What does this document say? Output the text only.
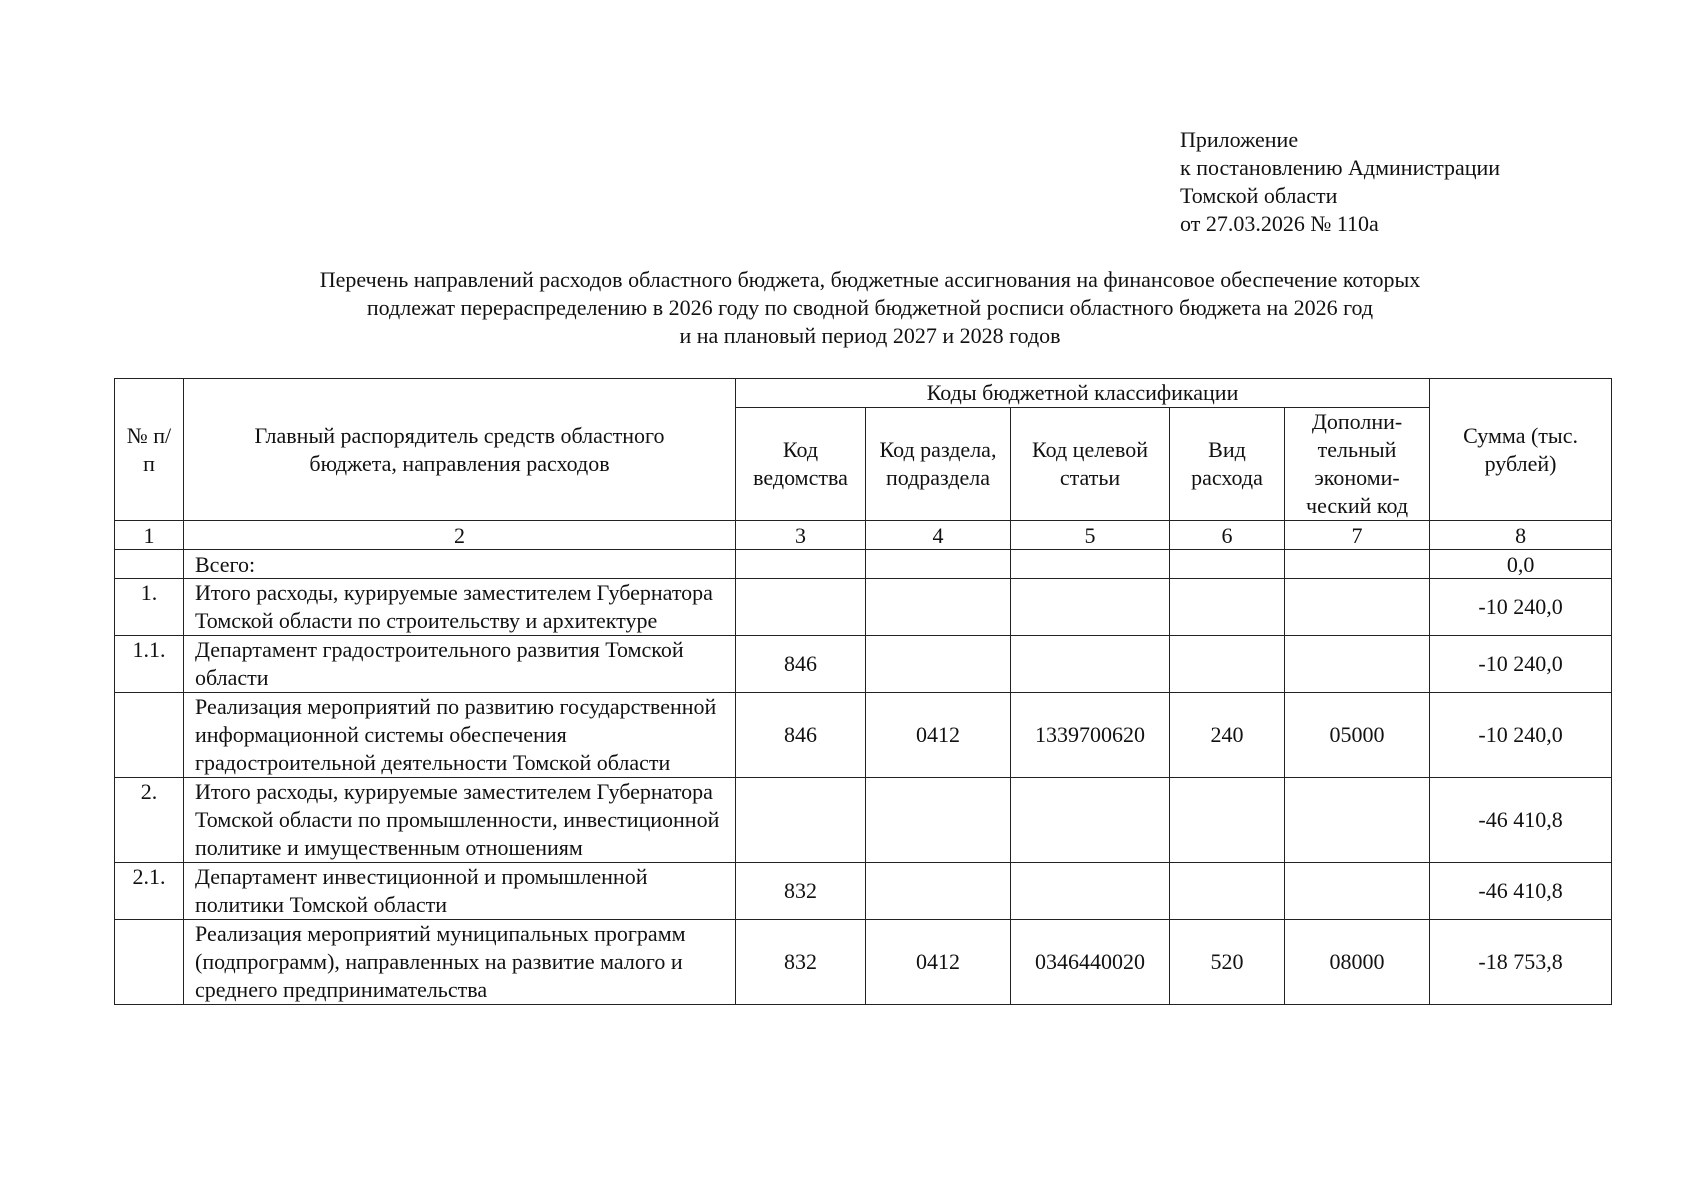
Приложение
к постановлению Администрации
Томской области
от 27.03.2026 № 110а
Перечень направлений расходов областного бюджета, бюджетные ассигнования на финансовое обеспечение которых
подлежат перераспределению в 2026 году по сводной бюджетной росписи областного бюджета на 2026 год
и на плановый период 2027 и 2028 годов
№ п/п	Главный распорядитель средств областного бюджета, направления расходов	Коды бюджетной классификации					Сумма (тыс. рублей)
		Код ведомства	Код раздела, подраздела	Код целевой статьи	Вид расхода	Дополни-тельный экономи-ческий код	
1	2	3	4	5	6	7	8
	Всего:						0,0
1.	Итого расходы, курируемые заместителем Губернатора Томской области по строительству и архитектуре						-10 240,0
1.1.	Департамент градостроительного развития Томской области	846					-10 240,0
	Реализация мероприятий по развитию государственной информационной системы обеспечения градостроительной деятельности Томской области	846	0412	1339700620	240	05000	-10 240,0
2.	Итого расходы, курируемые заместителем Губернатора Томской области по промышленности, инвестиционной политике и имущественным отношениям						-46 410,8
2.1.	Департамент инвестиционной и промышленной политики Томской области	832					-46 410,8
	Реализация мероприятий муниципальных программ (подпрограмм), направленных на развитие малого и среднего предпринимательства	832	0412	0346440020	520	08000	-18 753,8
